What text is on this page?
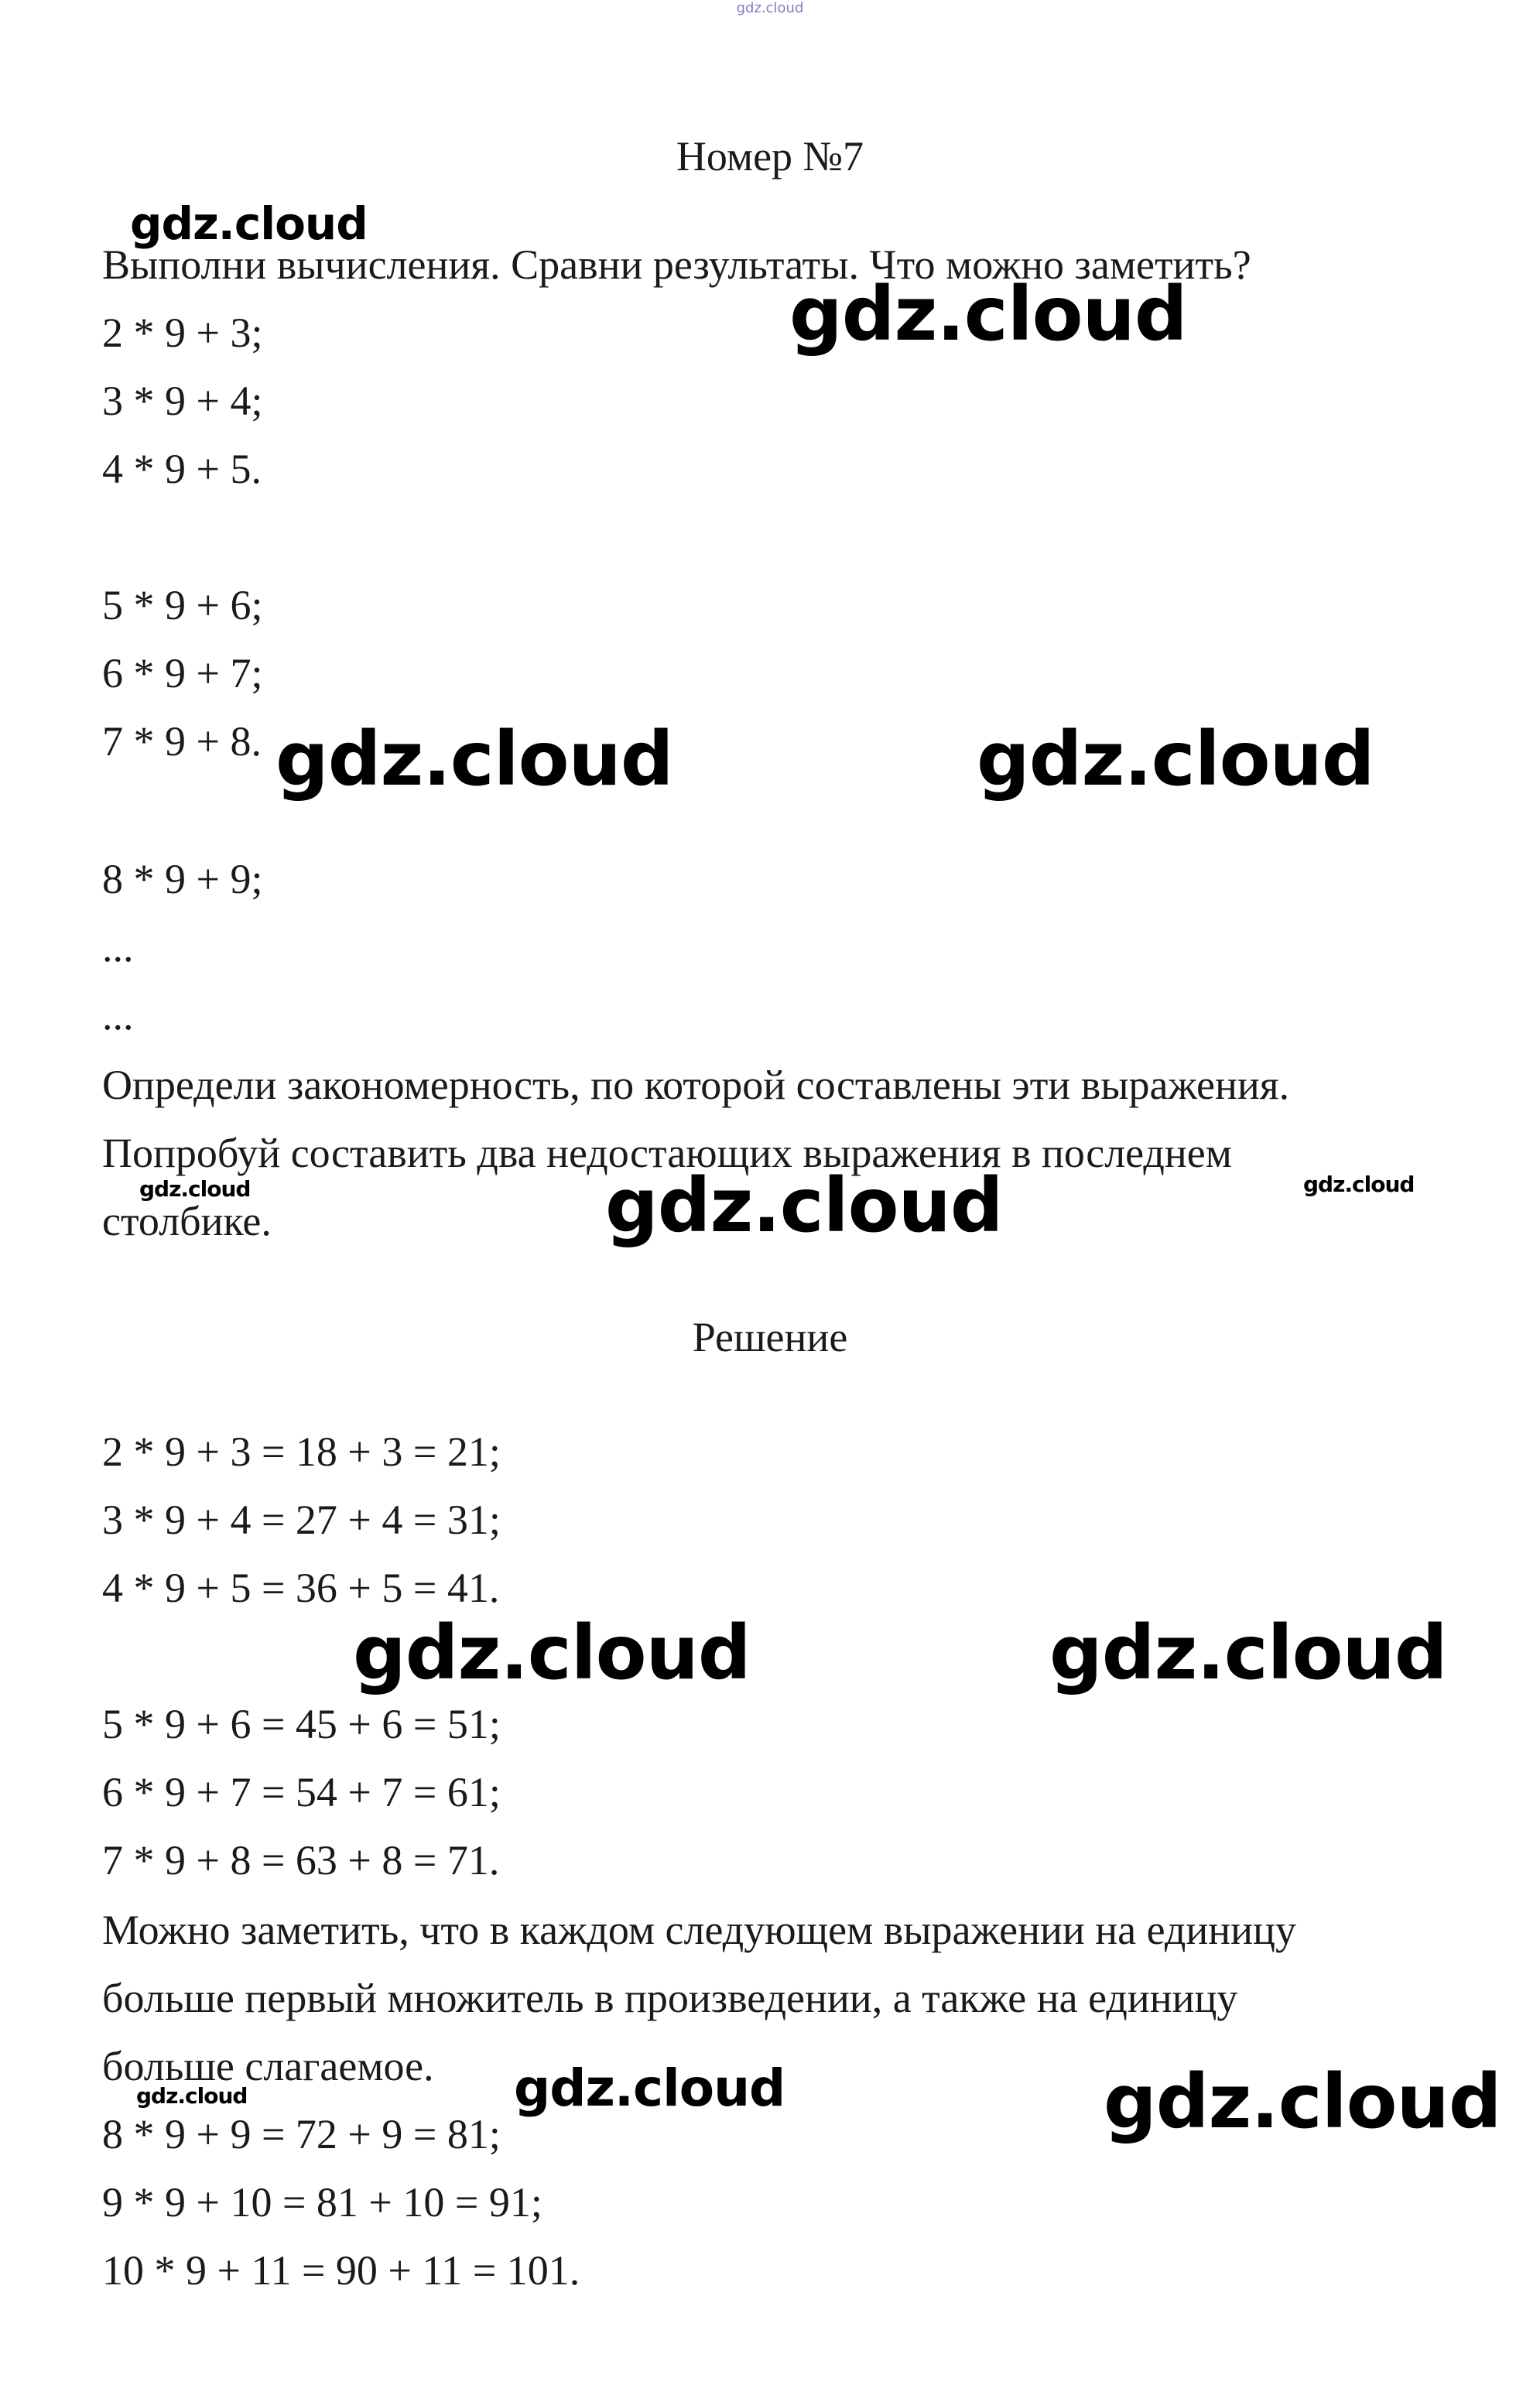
gdz.cloud
Номер №7
Выполни вычисления. Сравни результаты. Что можно заметить?
2 * 9 + 3;
3 * 9 + 4;
4 * 9 + 5.
5 * 9 + 6;
6 * 9 + 7;
7 * 9 + 8.
8 * 9 + 9;
...
...
Определи закономерность, по которой составлены эти выражения.
Попробуй составить два недостающих выражения в последнем
столбике.
Решение
2 * 9 + 3 = 18 + 3 = 21;
3 * 9 + 4 = 27 + 4 = 31;
4 * 9 + 5 = 36 + 5 = 41.
5 * 9 + 6 = 45 + 6 = 51;
6 * 9 + 7 = 54 + 7 = 61;
7 * 9 + 8 = 63 + 8 = 71.
Можно заметить, что в каждом следующем выражении на единицу
больше первый множитель в произведении, а также на единицу
больше слагаемое.
8 * 9 + 9 = 72 + 9 = 81;
9 * 9 + 10 = 81 + 10 = 91;
10 * 9 + 11 = 90 + 11 = 101.
gdz.cloud
gdz.cloud
gdz.cloud	gdz.cloud
gdz.cloud	gdz.cloud	gdz.cloud
gdz.cloud	gdz.cloud
gdz.cloud	gdz.cloud	gdz.cloud
